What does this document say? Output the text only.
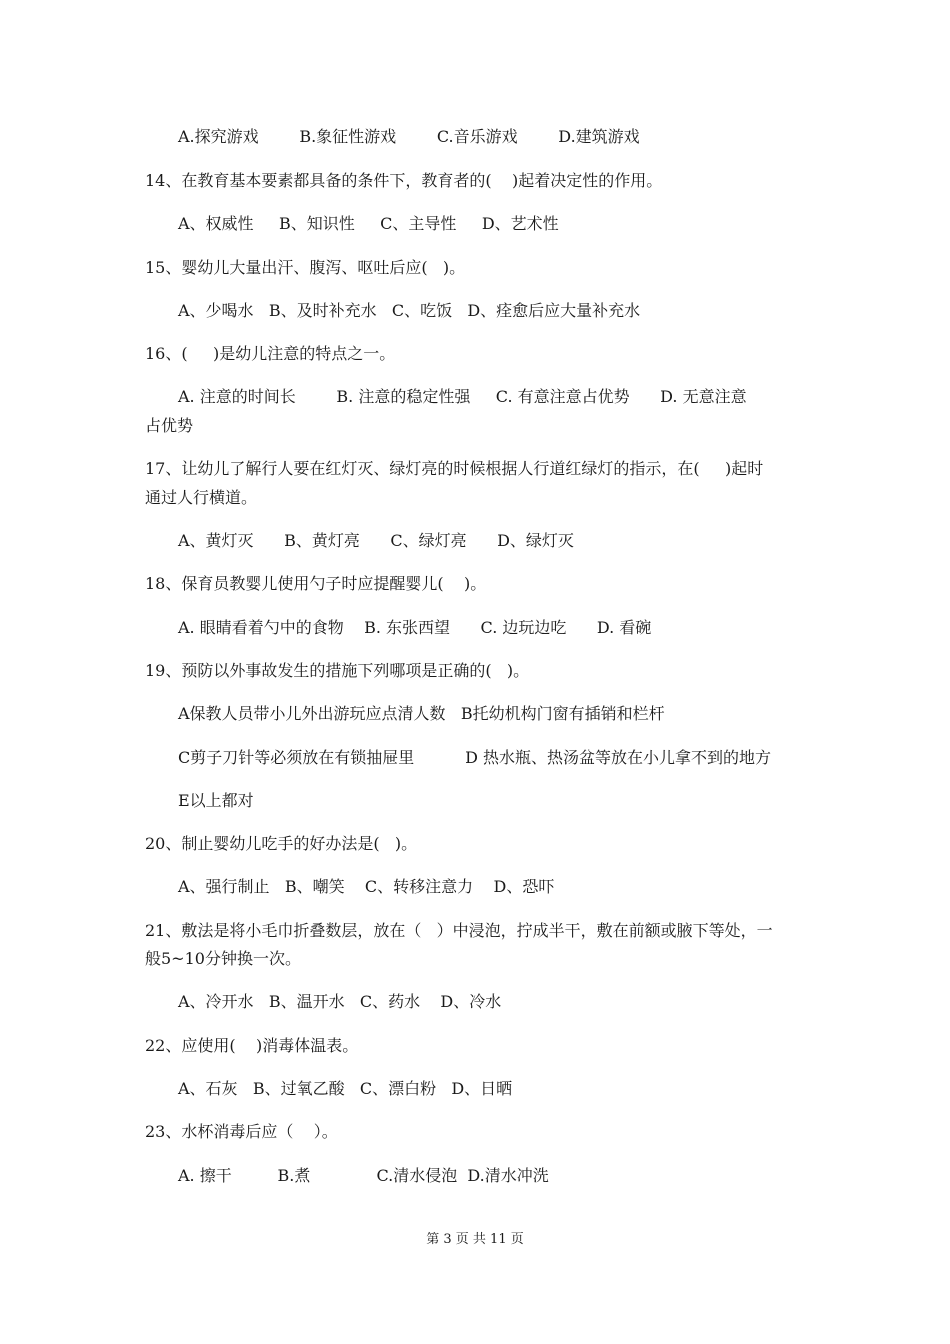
A.探究游戏        B.象征性游戏        C.音乐游戏        D.建筑游戏
14、在教育基本要素都具备的条件下，教育者的(    )起着决定性的作用。
A、权威性     B、知识性     C、主导性     D、艺术性
15、婴幼儿大量出汗、腹泻、呕吐后应(   )。
A、少喝水   B、及时补充水   C、吃饭   D、痊愈后应大量补充水
16、(     )是幼儿注意的特点之一。
A. 注意的时间长        B. 注意的稳定性强     C. 有意注意占优势      D. 无意注意
占优势
17、让幼儿了解行人要在红灯灭、绿灯亮的时候根据人行道红绿灯的指示，在(     )起时
通过人行横道。
A、黄灯灭      B、黄灯亮      C、绿灯亮      D、绿灯灭
18、保育员教婴儿使用勺子时应提醒婴儿(    )。
A. 眼睛看着勺中的食物    B. 东张西望      C. 边玩边吃      D. 看碗
19、预防以外事故发生的措施下列哪项是正确的(   )。
A保教人员带小儿外出游玩应点清人数   B托幼机构门窗有插销和栏杆
C剪子刀针等必须放在有锁抽屉里          D 热水瓶、热汤盆等放在小儿拿不到的地方
E以上都对
20、制止婴幼儿吃手的好办法是(   )。
A、强行制止   B、嘲笑    C、转移注意力    D、恐吓
21、敷法是将小毛巾折叠数层，放在（   ）中浸泡，拧成半干，敷在前额或腋下等处，一
般5~10分钟换一次。
A、冷开水   B、温开水   C、药水    D、冷水
22、应使用(    )消毒体温表。
A、石灰   B、过氧乙酸   C、漂白粉   D、日晒
23、水杯消毒后应（    ）。
A. 擦干         B.煮             C.清水侵泡  D.清水冲洗
第 3 页 共 11 页
